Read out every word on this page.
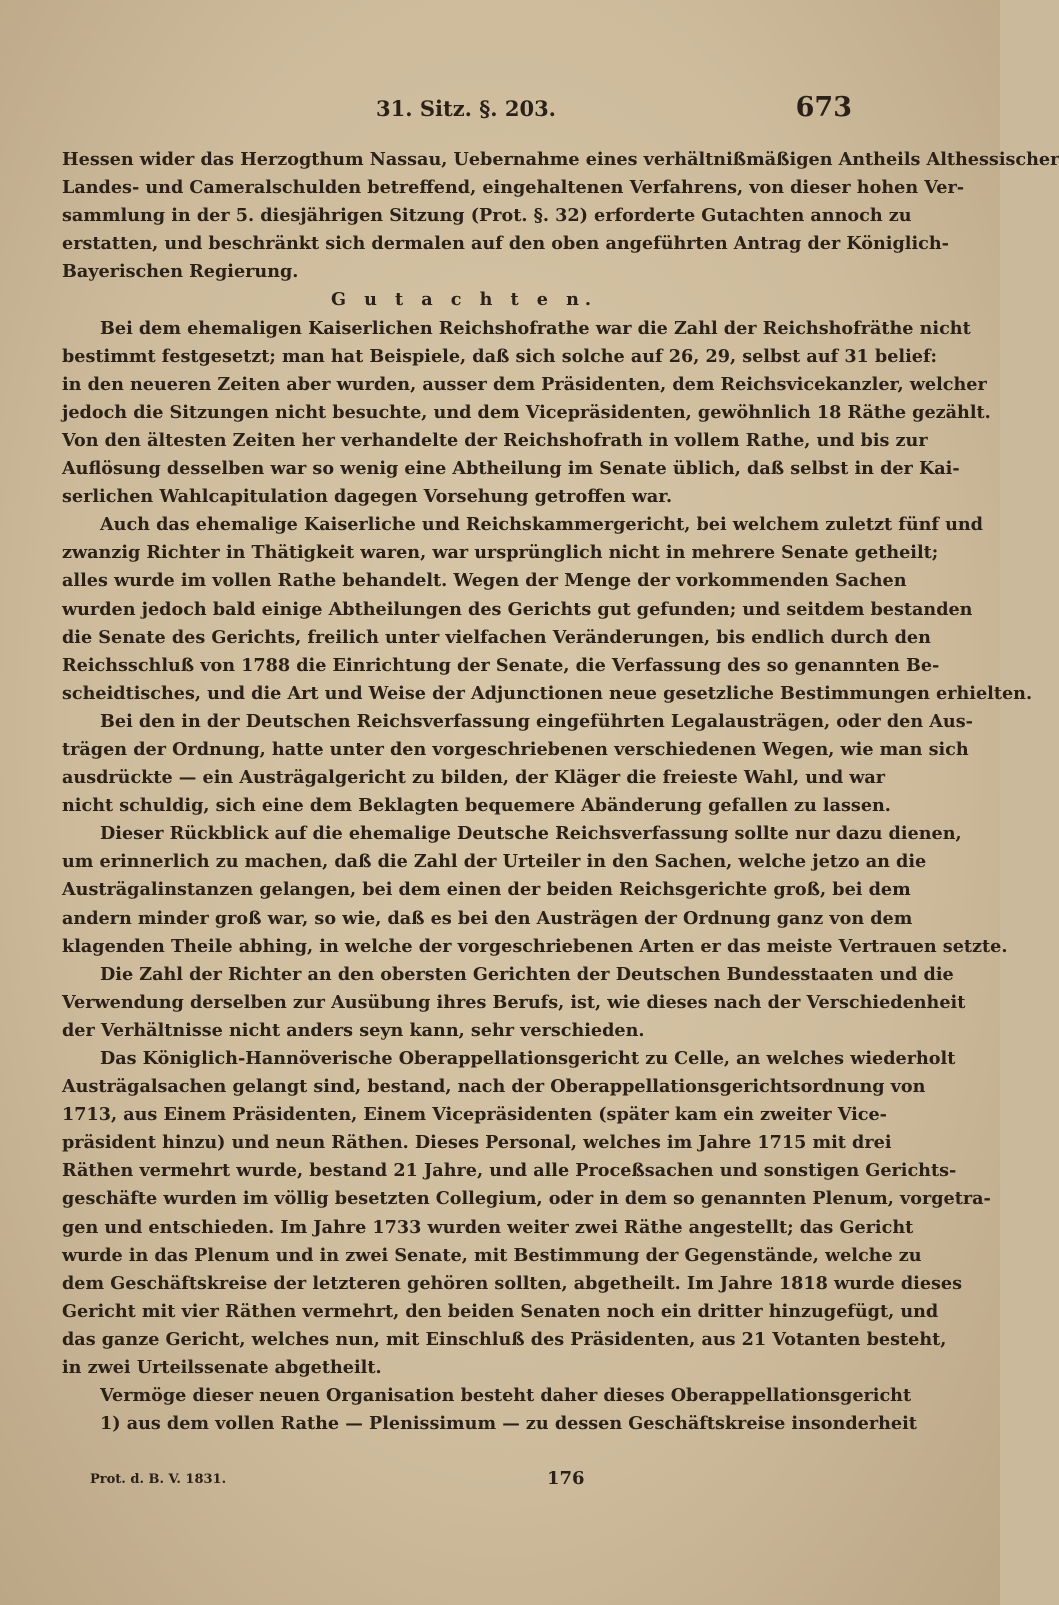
31. Sitz. §. 203.	673
Hessen wider das Herzogthum Nassau, Uebernahme eines verhältnißmäßigen Antheils Althessischer
Landes- und Cameralschulden betreffend, eingehaltenen Verfahrens, von dieser hohen Ver-
sammlung in der 5. diesjährigen Sitzung (Prot. §. 32) erforderte Gutachten annoch zu
erstatten, und beschränkt sich dermalen auf den oben angeführten Antrag der Königlich-
Bayerischen Regierung.
G u t a c h t e n.
Bei dem ehemaligen Kaiserlichen Reichshofrathe war die Zahl der Reichshofräthe nicht
bestimmt festgesetzt; man hat Beispiele, daß sich solche auf 26, 29, selbst auf 31 belief:
in den neueren Zeiten aber wurden, ausser dem Präsidenten, dem Reichsvicekanzler, welcher
jedoch die Sitzungen nicht besuchte, und dem Vicepräsidenten, gewöhnlich 18 Räthe gezählt.
Von den ältesten Zeiten her verhandelte der Reichshofrath in vollem Rathe, und bis zur
Auflösung desselben war so wenig eine Abtheilung im Senate üblich, daß selbst in der Kai-
serlichen Wahlcapitulation dagegen Vorsehung getroffen war.
Auch das ehemalige Kaiserliche und Reichskammergericht, bei welchem zuletzt fünf und
zwanzig Richter in Thätigkeit waren, war ursprünglich nicht in mehrere Senate getheilt;
alles wurde im vollen Rathe behandelt. Wegen der Menge der vorkommenden Sachen
wurden jedoch bald einige Abtheilungen des Gerichts gut gefunden; und seitdem bestanden
die Senate des Gerichts, freilich unter vielfachen Veränderungen, bis endlich durch den
Reichsschluß von 1788 die Einrichtung der Senate, die Verfassung des so genannten Be-
scheidtisches, und die Art und Weise der Adjunctionen neue gesetzliche Bestimmungen erhielten.
Bei den in der Deutschen Reichsverfassung eingeführten Legalausträgen, oder den Aus-
trägen der Ordnung, hatte unter den vorgeschriebenen verschiedenen Wegen, wie man sich
ausdrückte — ein Austrägalgericht zu bilden, der Kläger die freieste Wahl, und war
nicht schuldig, sich eine dem Beklagten bequemere Abänderung gefallen zu lassen.
Dieser Rückblick auf die ehemalige Deutsche Reichsverfassung sollte nur dazu dienen,
um erinnerlich zu machen, daß die Zahl der Urteiler in den Sachen, welche jetzo an die
Austrägalinstanzen gelangen, bei dem einen der beiden Reichsgerichte groß, bei dem
andern minder groß war, so wie, daß es bei den Austrägen der Ordnung ganz von dem
klagenden Theile abhing, in welche der vorgeschriebenen Arten er das meiste Vertrauen setzte.
Die Zahl der Richter an den obersten Gerichten der Deutschen Bundesstaaten und die
Verwendung derselben zur Ausübung ihres Berufs, ist, wie dieses nach der Verschiedenheit
der Verhältnisse nicht anders seyn kann, sehr verschieden.
Das Königlich-Hannöverische Oberappellationsgericht zu Celle, an welches wiederholt
Austrägalsachen gelangt sind, bestand, nach der Oberappellationsgerichtsordnung von
1713, aus Einem Präsidenten, Einem Vicepräsidenten (später kam ein zweiter Vice-
präsident hinzu) und neun Räthen. Dieses Personal, welches im Jahre 1715 mit drei
Räthen vermehrt wurde, bestand 21 Jahre, und alle Proceßsachen und sonstigen Gerichts-
geschäfte wurden im völlig besetzten Collegium, oder in dem so genannten Plenum, vorgetra-
gen und entschieden. Im Jahre 1733 wurden weiter zwei Räthe angestellt; das Gericht
wurde in das Plenum und in zwei Senate, mit Bestimmung der Gegenstände, welche zu
dem Geschäftskreise der letzteren gehören sollten, abgetheilt. Im Jahre 1818 wurde dieses
Gericht mit vier Räthen vermehrt, den beiden Senaten noch ein dritter hinzugefügt, und
das ganze Gericht, welches nun, mit Einschluß des Präsidenten, aus 21 Votanten besteht,
in zwei Urteilssenate abgetheilt.
Vermöge dieser neuen Organisation besteht daher dieses Oberappellationsgericht
1) aus dem vollen Rathe — Plenissimum — zu dessen Geschäftskreise insonderheit
Prot. d. B. V. 1831.	176
